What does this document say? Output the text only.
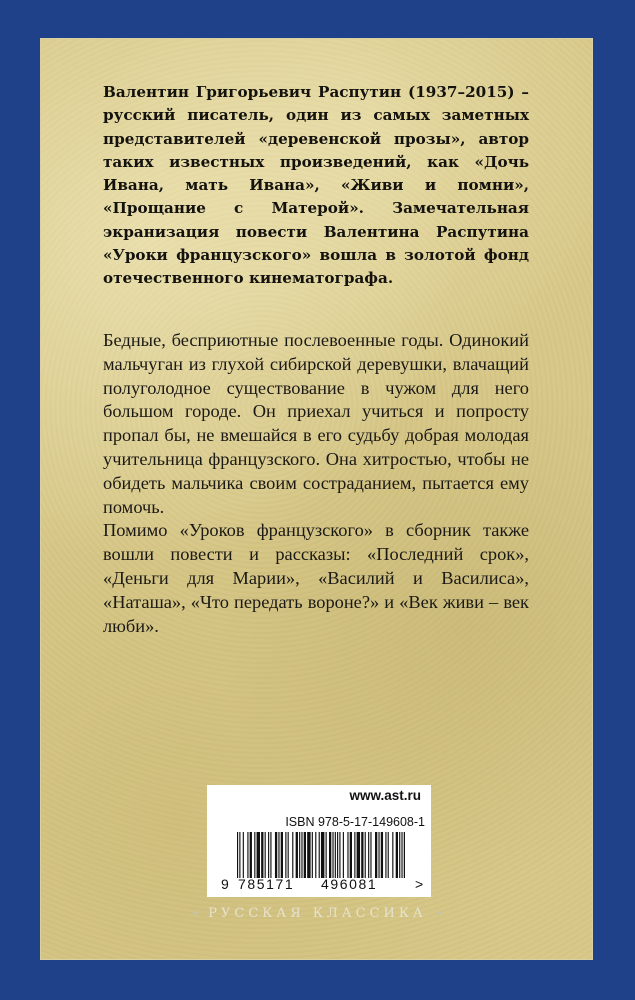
Валентин Григорьевич Распутин (1937–2015) – русский писатель, один из самых заметных представителей «деревенской прозы», автор таких известных произведений, как «Дочь Ивана, мать Ивана», «Живи и помни», «Прощание с Матерой». Замечательная экранизация повести Валентина Распутина «Уроки французского» вошла в золотой фонд отечественного кинематографа.

Бедные, бесприютные послевоенные годы. Одинокий мальчуган из глухой сибирской деревушки, влачащий полуголодное существование в чужом для него большом городе. Он приехал учиться и попросту пропал бы, не вмешайся в его судьбу добрая молодая учительница французского. Она хитростью, чтобы не обидеть мальчика своим состраданием, пытается ему помочь.

Помимо «Уроков французского» в сборник также вошли повести и рассказы: «Последний срок», «Деньги для Марии», «Василий и Василиса», «Наташа», «Что передать вороне?» и «Век живи – век люби».

www.ast.ru
ISBN 978-5-17-149608-1
9 785171 496081	>
✦ РУССКАЯ КЛАССИКА ✦
